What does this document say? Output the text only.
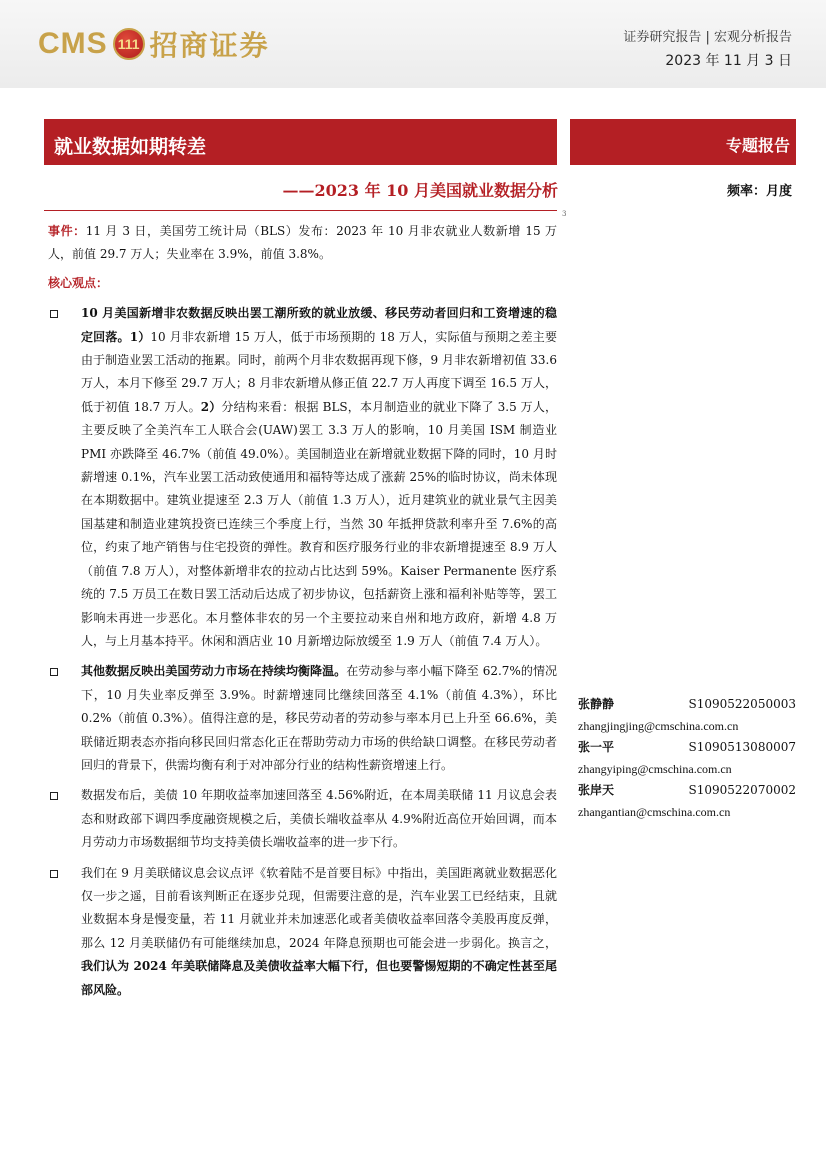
CMS 111 招商证券	证券研究报告 | 宏观分析报告
2023 年 11 月 3 日
就业数据如期转差	专题报告
——2023 年 10 月美国就业数据分析	频率：月度
3

事件：11 月 3 日，美国劳工统计局（BLS）发布：2023 年 10 月非农就业人数新增 15 万人，前值 29.7 万人；失业率在 3.9%，前值 3.8%。

核心观点：

10 月美国新增非农数据反映出罢工潮所致的就业放缓、移民劳动者回归和工资增速的稳定回落。1）10 月非农新增 15 万人，低于市场预期的 18 万人，实际值与预期之差主要由于制造业罢工活动的拖累。同时，前两个月非农数据再现下修，9 月非农新增初值 33.6 万人，本月下修至 29.7 万人；8 月非农新增从修正值 22.7 万人再度下调至 16.5 万人，低于初值 18.7 万人。2）分结构来看：根据 BLS，本月制造业的就业下降了 3.5 万人，主要反映了全美汽车工人联合会(UAW)罢工 3.3 万人的影响，10 月美国 ISM 制造业 PMI 亦跌降至 46.7%（前值 49.0%）。美国制造业在新增就业数据下降的同时，10 月时薪增速 0.1%，汽车业罢工活动致使通用和福特等达成了涨薪 25%的临时协议，尚未体现在本期数据中。建筑业提速至 2.3 万人（前值 1.3 万人），近月建筑业的就业景气主因美国基建和制造业建筑投资已连续三个季度上行，当然 30 年抵押贷款利率升至 7.6%的高位，约束了地产销售与住宅投资的弹性。教育和医疗服务行业的非农新增提速至 8.9 万人（前值 7.8 万人），对整体新增非农的拉动占比达到 59%。Kaiser Permanente 医疗系统的 7.5 万员工在数日罢工活动后达成了初步协议，包括薪资上涨和福利补贴等等，罢工影响未再进一步恶化。本月整体非农的另一个主要拉动来自州和地方政府，新增 4.8 万人，与上月基本持平。休闲和酒店业 10 月新增边际放缓至 1.9 万人（前值 7.4 万人）。
其他数据反映出美国劳动力市场在持续均衡降温。在劳动参与率小幅下降至 62.7%的情况下，10 月失业率反弹至 3.9%。时薪增速同比继续回落至 4.1%（前值 4.3%），环比 0.2%（前值 0.3%）。值得注意的是，移民劳动者的劳动参与率本月已上升至 66.6%，美联储近期表态亦指向移民回归常态化正在帮助劳动力市场的供给缺口调整。在移民劳动者回归的背景下，供需均衡有利于对冲部分行业的结构性薪资增速上行。
数据发布后，美债 10 年期收益率加速回落至 4.56%附近，在本周美联储 11 月议息会表态和财政部下调四季度融资规模之后，美债长端收益率从 4.9%附近高位开始回调，而本月劳动力市场数据细节均支持美债长端收益率的进一步下行。
我们在 9 月美联储议息会议点评《软着陆不是首要目标》中指出，美国距离就业数据恶化仅一步之遥，目前看该判断正在逐步兑现，但需要注意的是，汽车业罢工已经结束，且就业数据本身是慢变量，若 11 月就业并未加速恶化或者美债收益率回落令美股再度反弹，那么 12 月美联储仍有可能继续加息，2024 年降息预期也可能会进一步弱化。换言之，我们认为 2024 年美联储降息及美债收益率大幅下行，但也要警惕短期的不确定性甚至尾部风险。
张静静	S1090522050003
zhangjingjing@cmschina.com.cn
张一平	S1090513080007
zhangyiping@cmschina.com.cn
张岸天	S1090522070002
zhangantian@cmschina.com.cn
